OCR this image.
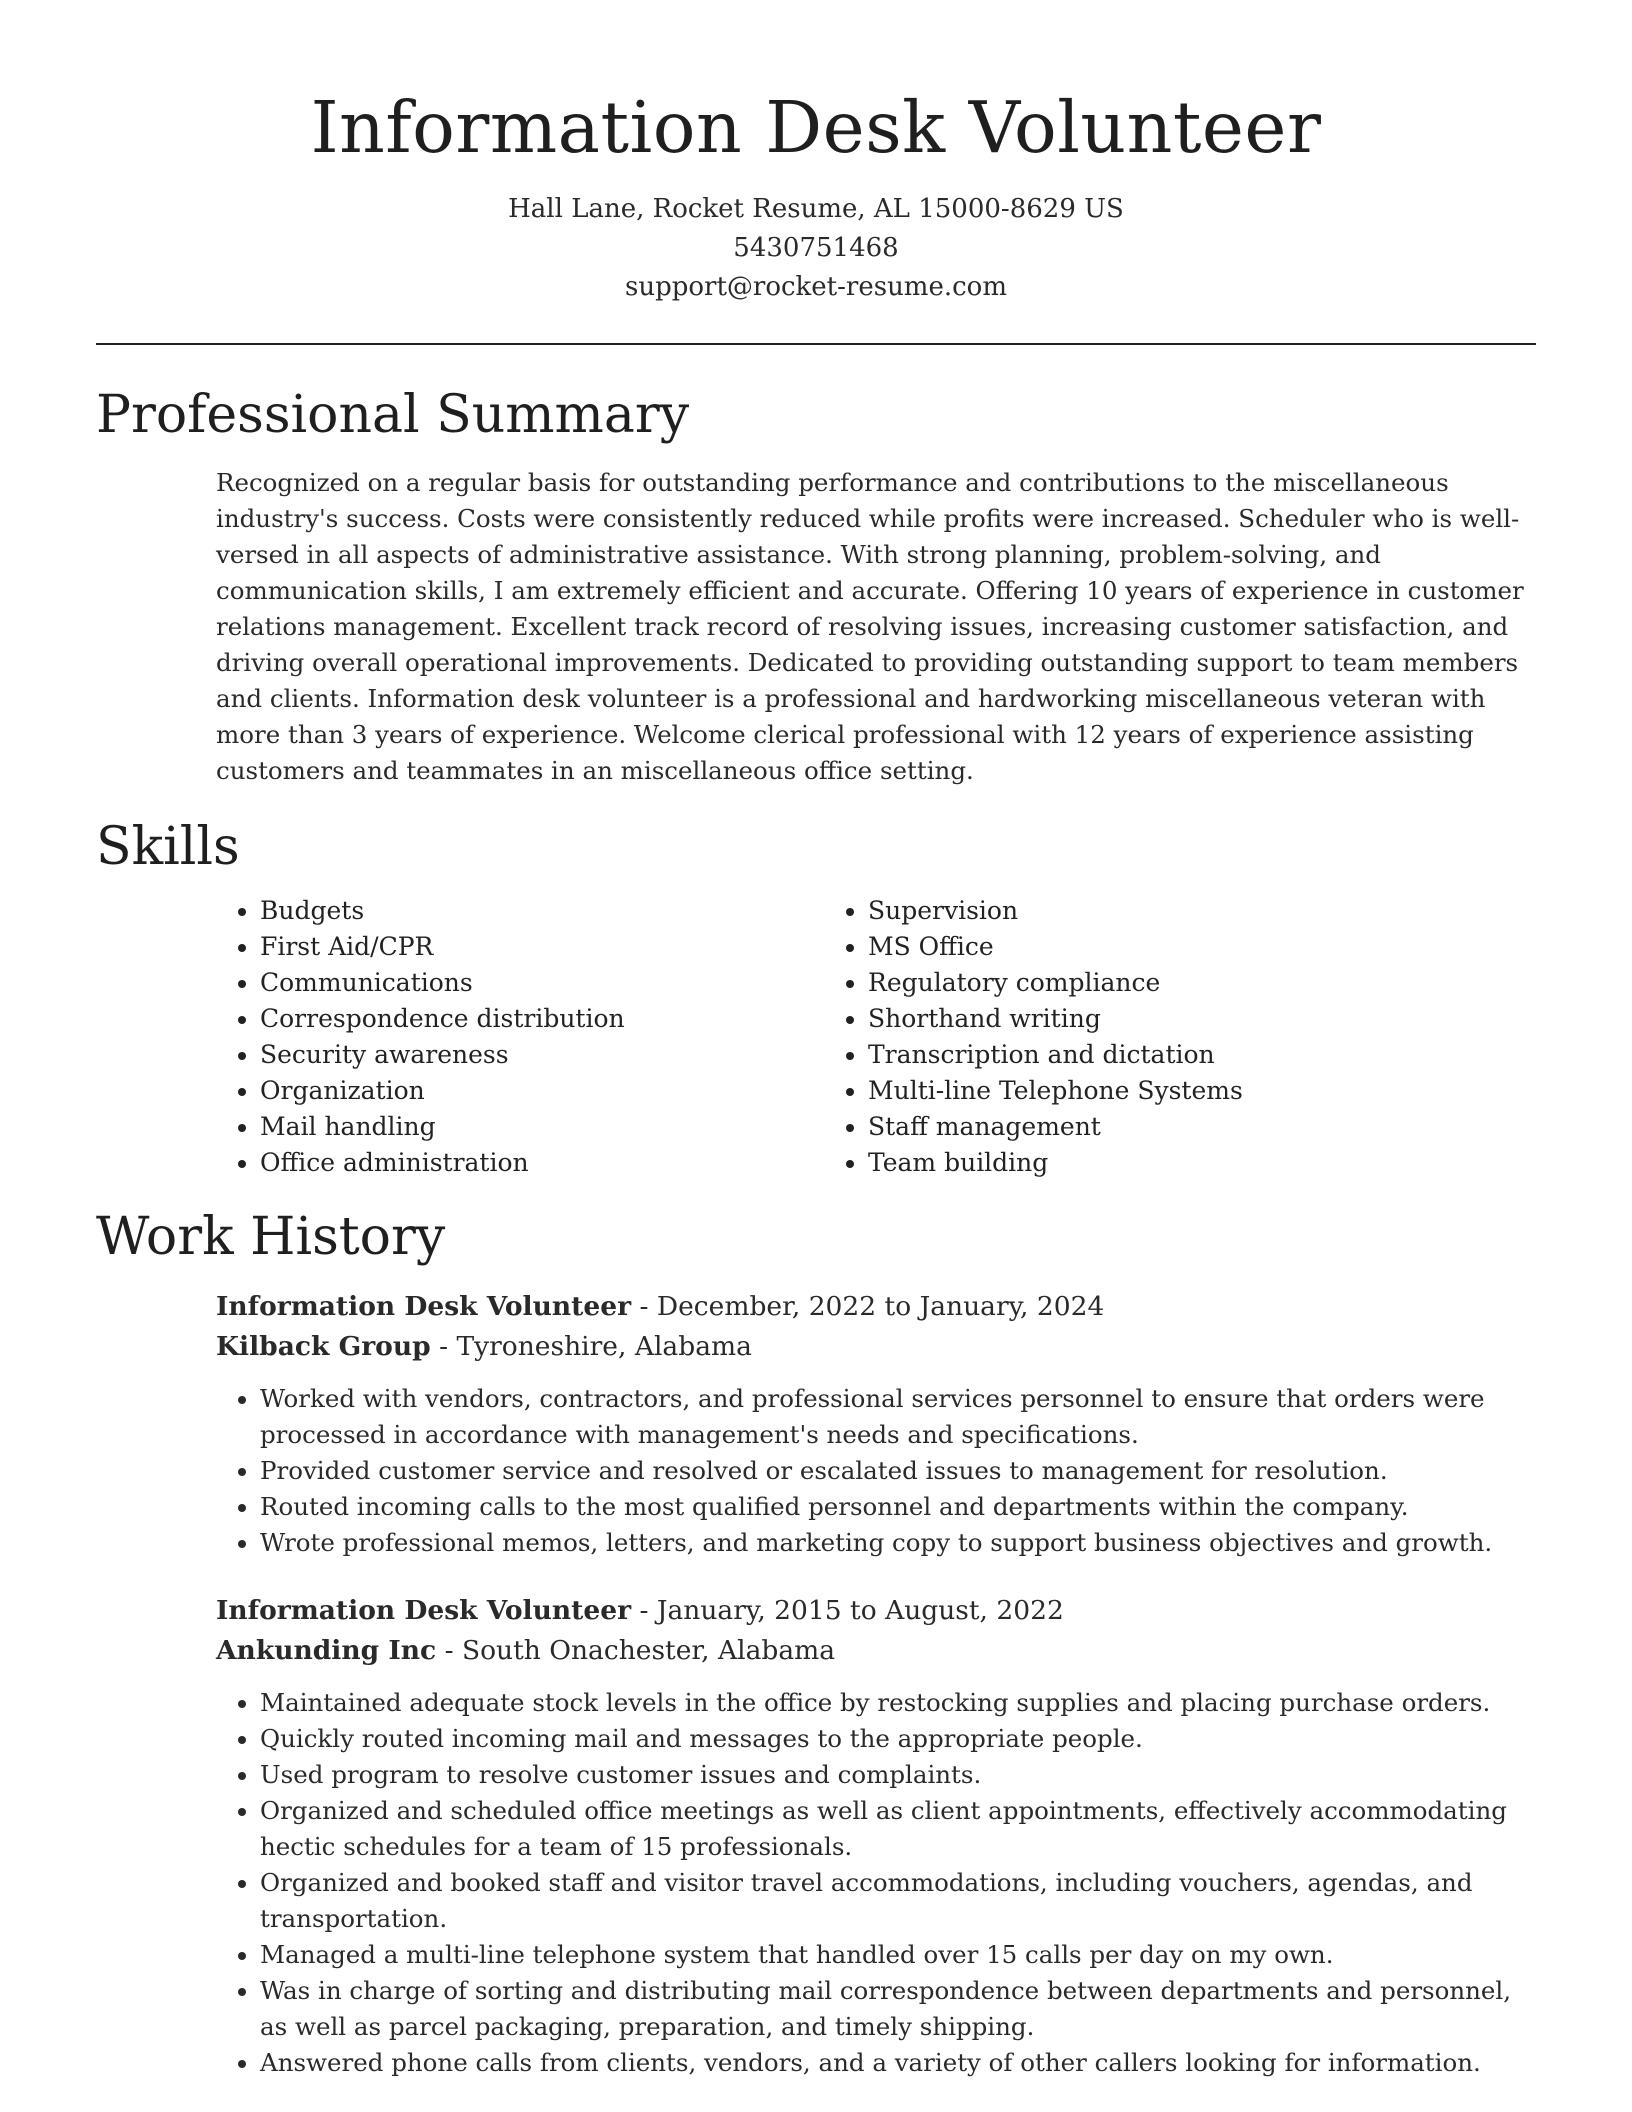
Information Desk Volunteer
Hall Lane, Rocket Resume, AL 15000-8629 US
5430751468
support@rocket-resume.com
Professional Summary
Recognized on a regular basis for outstanding performance and contributions to the miscellaneous industry's success. Costs were consistently reduced while profits were increased. Scheduler who is well-versed in all aspects of administrative assistance. With strong planning, problem-solving, and communication skills, I am extremely efficient and accurate. Offering 10 years of experience in customer relations management. Excellent track record of resolving issues, increasing customer satisfaction, and driving overall operational improvements. Dedicated to providing outstanding support to team members and clients. Information desk volunteer is a professional and hardworking miscellaneous veteran with more than 3 years of experience. Welcome clerical professional with 12 years of experience assisting customers and teammates in an miscellaneous office setting.
Skills
• Budgets
• First Aid/CPR
• Communications
• Correspondence distribution
• Security awareness
• Organization
• Mail handling
• Office administration
• Supervision
• MS Office
• Regulatory compliance
• Shorthand writing
• Transcription and dictation
• Multi-line Telephone Systems
• Staff management
• Team building
Work History
Information Desk Volunteer - December, 2022 to January, 2024
Kilback Group - Tyroneshire, Alabama
• Worked with vendors, contractors, and professional services personnel to ensure that orders were processed in accordance with management's needs and specifications.
• Provided customer service and resolved or escalated issues to management for resolution.
• Routed incoming calls to the most qualified personnel and departments within the company.
• Wrote professional memos, letters, and marketing copy to support business objectives and growth.
Information Desk Volunteer - January, 2015 to August, 2022
Ankunding Inc - South Onachester, Alabama
• Maintained adequate stock levels in the office by restocking supplies and placing purchase orders.
• Quickly routed incoming mail and messages to the appropriate people.
• Used program to resolve customer issues and complaints.
• Organized and scheduled office meetings as well as client appointments, effectively accommodating hectic schedules for a team of 15 professionals.
• Organized and booked staff and visitor travel accommodations, including vouchers, agendas, and transportation.
• Managed a multi-line telephone system that handled over 15 calls per day on my own.
• Was in charge of sorting and distributing mail correspondence between departments and personnel, as well as parcel packaging, preparation, and timely shipping.
• Answered phone calls from clients, vendors, and a variety of other callers looking for information.
